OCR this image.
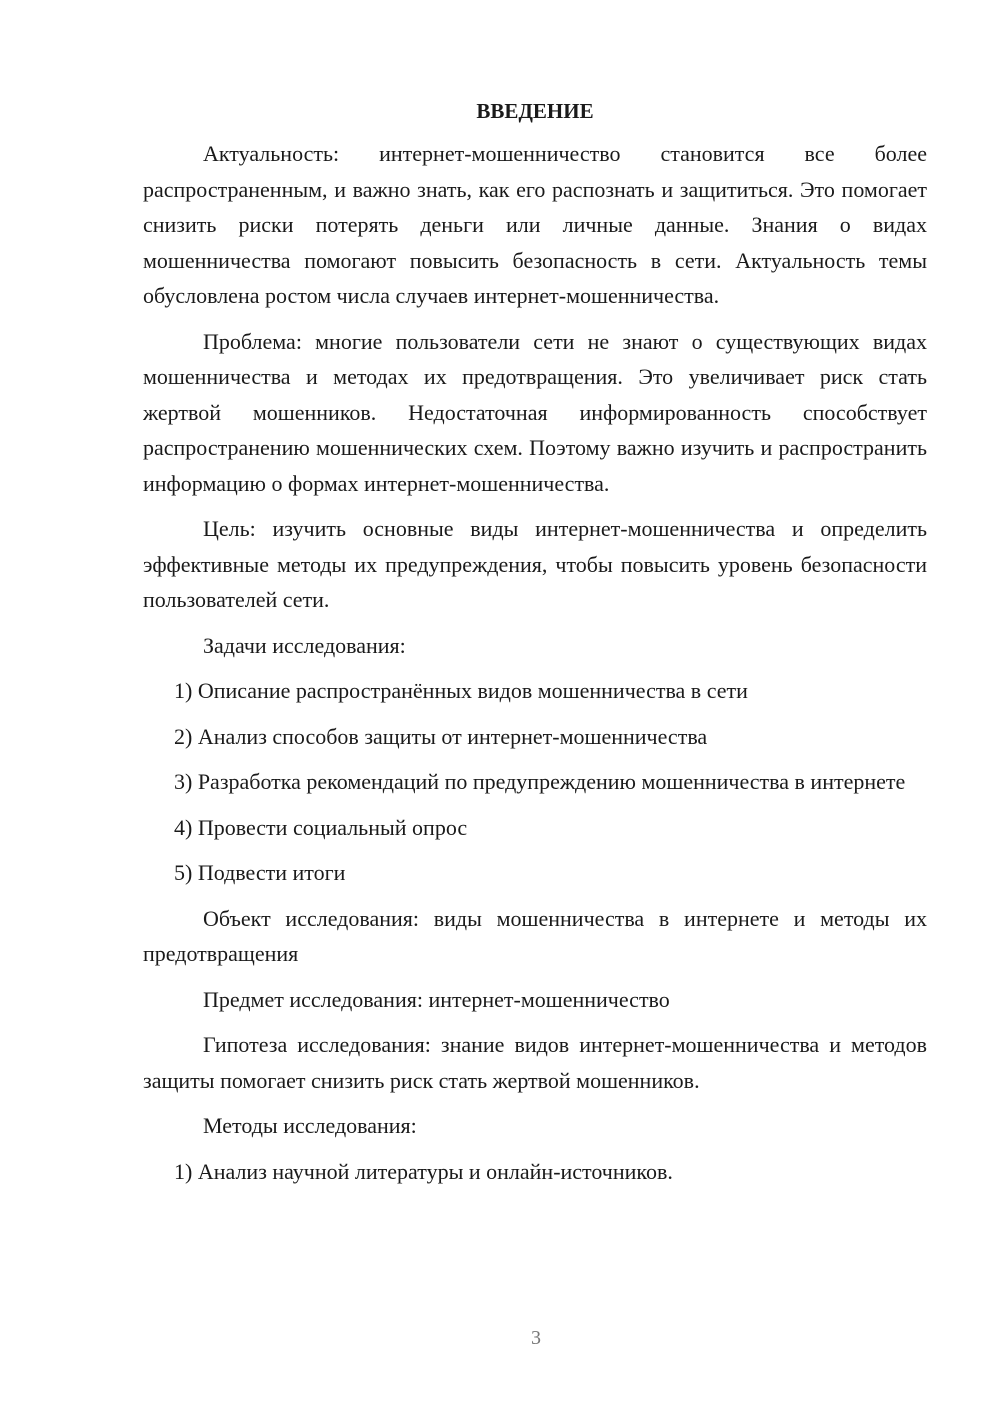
ВВЕДЕНИЕ

Актуальность: интернет-мошенничество становится все более распространенным, и важно знать, как его распознать и защититься. Это помогает снизить риски потерять деньги или личные данные. Знания о видах мошенничества помогают повысить безопасность в сети. Актуальность темы обусловлена ростом числа случаев интернет-мошенничества.

Проблема: многие пользователи сети не знают о существующих видах мошенничества и методах их предотвращения. Это увеличивает риск стать жертвой мошенников. Недостаточная информированность способствует распространению мошеннических схем. Поэтому важно изучить и распространить информацию о формах интернет-мошенничества.

Цель: изучить основные виды интернет-мошенничества и определить эффективные методы их предупреждения, чтобы повысить уровень безопасности пользователей сети.

Задачи исследования:

1) Описание распространённых видов мошенничества в сети

2) Анализ способов защиты от интернет-мошенничества

3) Разработка рекомендаций по предупреждению мошенничества в интернете

4) Провести социальный опрос

5) Подвести итоги

Объект исследования: виды мошенничества в интернете и методы их предотвращения

Предмет исследования: интернет-мошенничество

Гипотеза исследования: знание видов интернет-мошенничества и методов защиты помогает снизить риск стать жертвой мошенников.

Методы исследования:

1) Анализ научной литературы и онлайн-источников.

3
